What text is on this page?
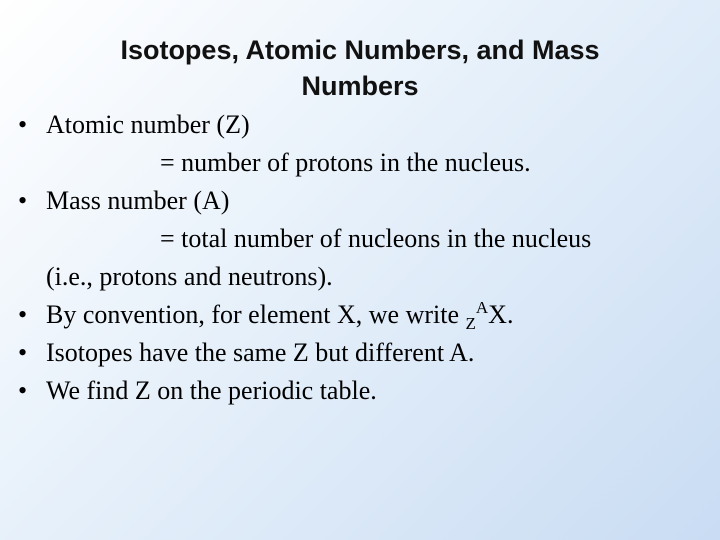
Isotopes, Atomic Numbers, and Mass
Numbers
• Atomic number (Z)
= number of protons in the nucleus.
• Mass number (A)
= total number of nucleons in the nucleus
(i.e., protons and neutrons).
• By convention, for element X, we write $_Z^A$X.
• Isotopes have the same Z but different A.
• We find Z on the periodic table.
